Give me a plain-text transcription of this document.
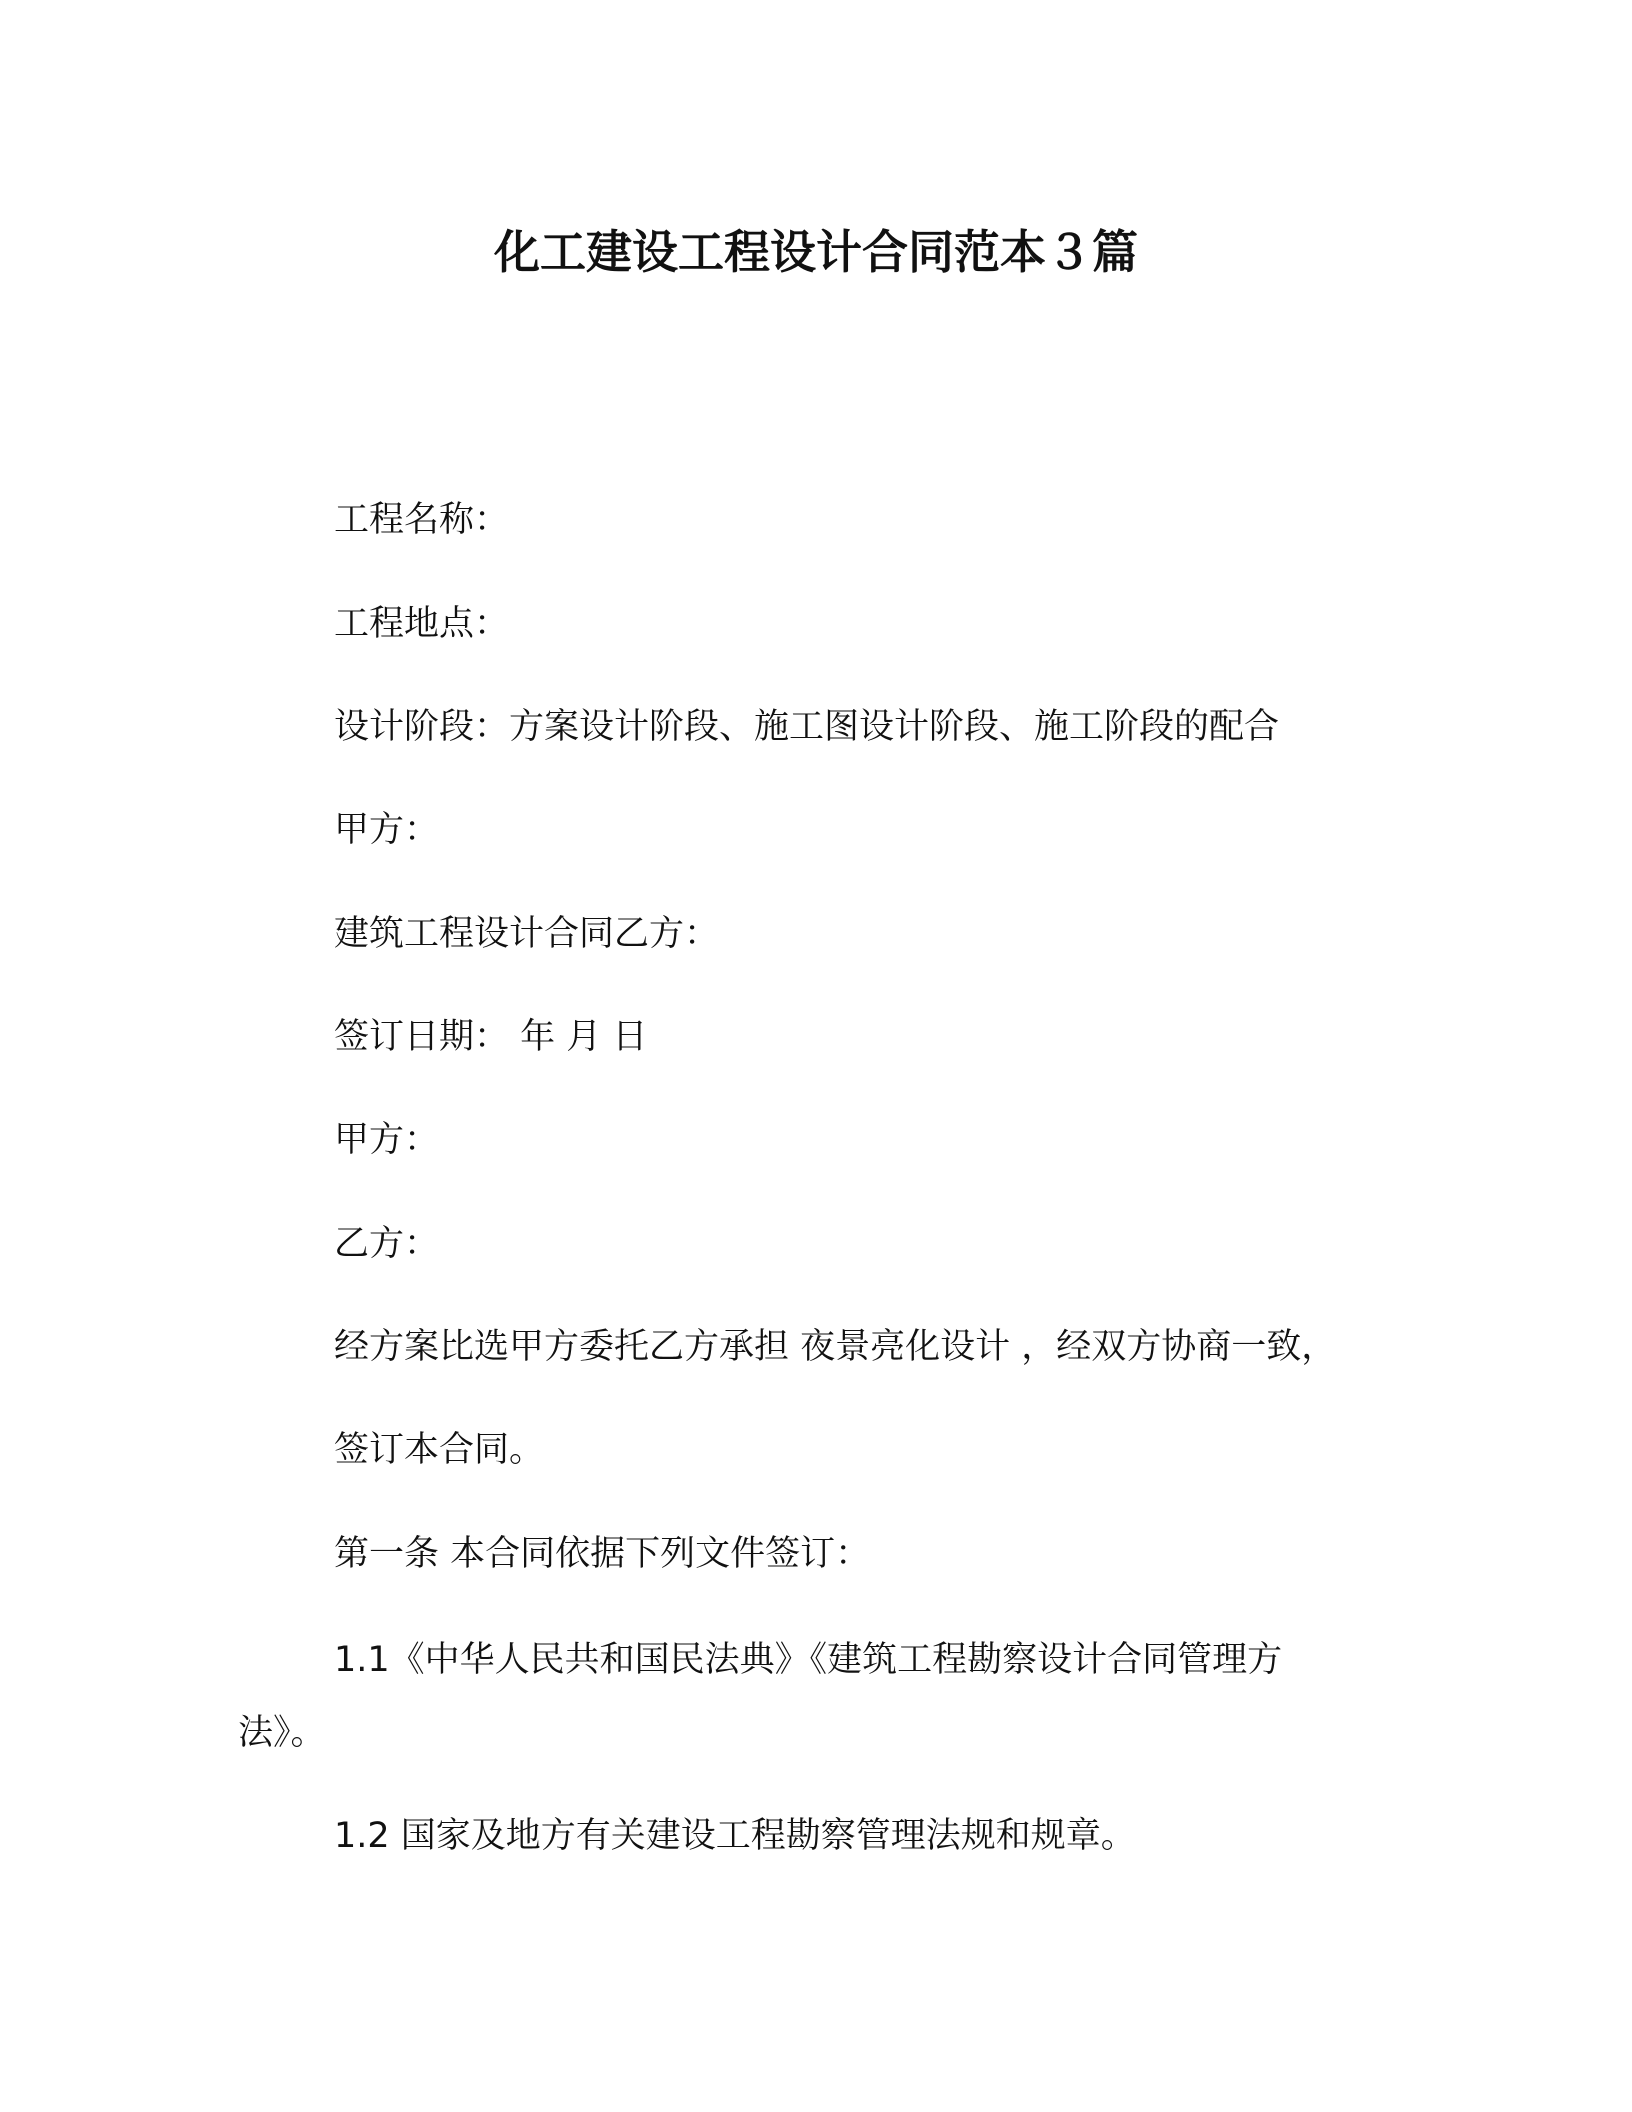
化工建设工程设计合同范本３篇
工程名称：
工程地点：
设计阶段：方案设计阶段、施工图设计阶段、施工阶段的配合
甲方：
建筑工程设计合同乙方：
签订日期： 年 月 日
甲方：
乙方：
经方案比选甲方委托乙方承担 夜景亮化设计 ，经双方协商一致，
签订本合同。
第一条 本合同依据下列文件签订：
1.1《中华人民共和国民法典》《建筑工程勘察设计合同管理方
法》。
1.2 国家及地方有关建设工程勘察管理法规和规章。
